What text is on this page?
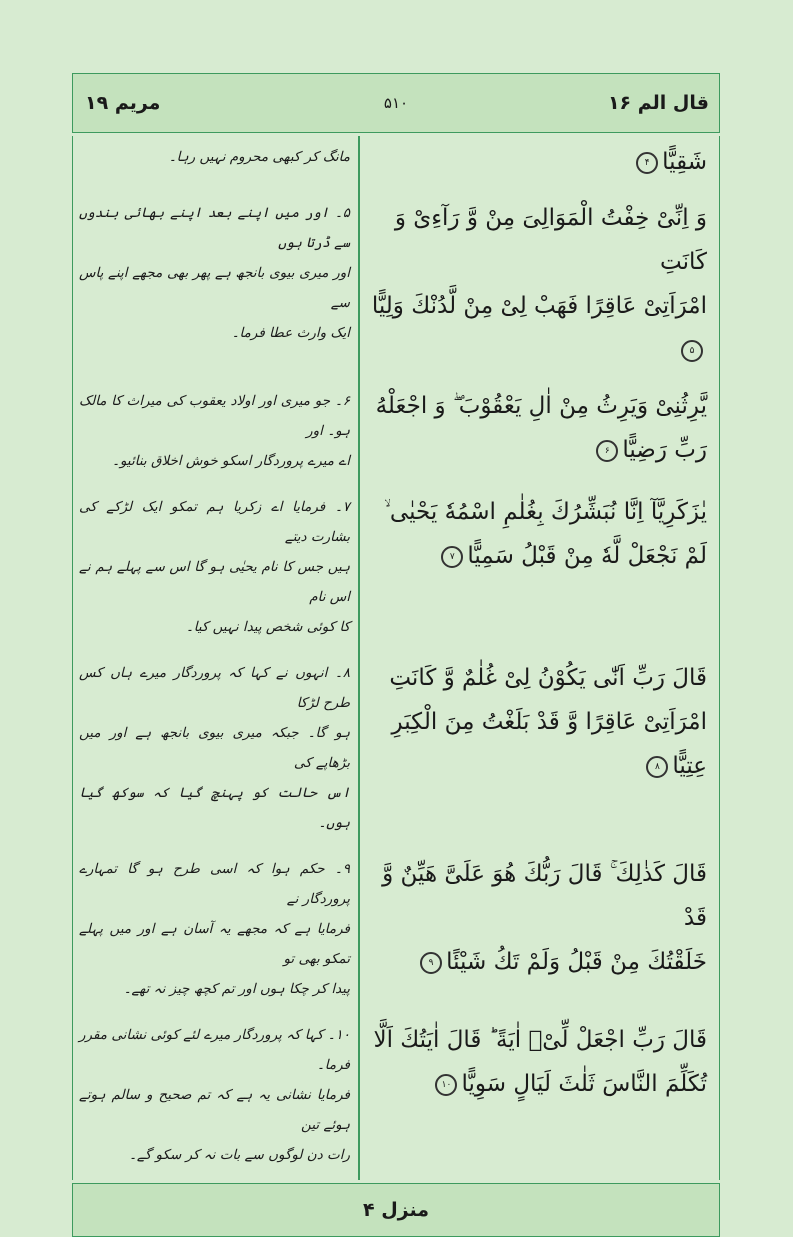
قال الم ۱۶
۵۱۰
مریم ۱۹
مانگ کر کبھی محروم نہیں رہا۔	شَقِیًّا۴
۵۔ اور میں اپنے بعد اپنے بھائی بندوں سے ڈرتا ہوں
اور میری بیوی بانجھ ہے پھر بھی مجھے اپنے پاس سے
ایک وارث عطا فرما۔
وَ اِنِّیْ خِفْتُ الْمَوَالِیَ مِنْ وَّ رَآءِیْ وَ كَانَتِ
امْرَاَتِیْ عَاقِرًا فَهَبْ لِیْ مِنْ لَّدُنْكَ وَلِیًّا۵
۶۔ جو میری اور اولاد یعقوب کی میراث کا مالک ہو۔ اور
اے میرے پروردگار اسکو خوش اخلاق بنائیو۔
یَّرِثُنِیْ وَیَرِثُ مِنْ اٰلِ یَعْقُوْبَ ۖ وَ اجْعَلْهُ
رَبِّ رَضِیًّا۶
۷۔ فرمایا اے زکریا ہم تمکو ایک لڑکے کی بشارت دیتے
ہیں جس کا نام یحیٰی ہو گا اس سے پہلے ہم نے اس نام
کا کوئی شخص پیدا نہیں کیا۔
یٰزَكَرِیَّآ اِنَّا نُبَشِّرُكَ بِغُلٰمِ اسْمُهٗ یَحْیٰی ۙ
لَمْ نَجْعَلْ لَّهٗ مِنْ قَبْلُ سَمِیًّا۷
۸۔ انہوں نے کہا کہ پروردگار میرے ہاں کس طرح لڑکا
ہو گا۔ جبکہ میری بیوی بانجھ ہے اور میں بڑھاپے کی
اس حالت کو پہنچ گیا کہ سوکھ گیا ہوں۔
قَالَ رَبِّ اَنّٰی یَكُوْنُ لِیْ غُلٰمٌ وَّ كَانَتِ
امْرَاَتِیْ عَاقِرًا وَّ قَدْ بَلَغْتُ مِنَ الْكِبَرِ
عِتِیًّا۸
۹۔ حکم ہوا کہ اسی طرح ہو گا تمہارے پروردگار نے
فرمایا ہے کہ مجھے یہ آسان ہے اور میں پہلے تمکو بھی تو
پیدا کر چکا ہوں اور تم کچھ چیز نہ تھے۔
قَالَ كَذٰلِكَ ۚ قَالَ رَبُّكَ هُوَ عَلَیَّ هَیِّنٌ وَّ قَدْ
خَلَقْتُكَ مِنْ قَبْلُ وَلَمْ تَكُ شَیْئًا۹
۱۰۔ کہا کہ پروردگار میرے لئے کوئی نشانی مقرر فرما۔
فرمایا نشانی یہ ہے کہ تم صحیح و سالم ہوتے ہوئے تین
رات دن لوگوں سے بات نہ کر سکو گے۔
قَالَ رَبِّ اجْعَلْ لِّیْۤ اٰیَةً ؕ قَالَ اٰیَتُكَ اَلَّا
تُكَلِّمَ النَّاسَ ثَلٰثَ لَیَالٍ سَوِیًّا۱۰
منزل ۴
